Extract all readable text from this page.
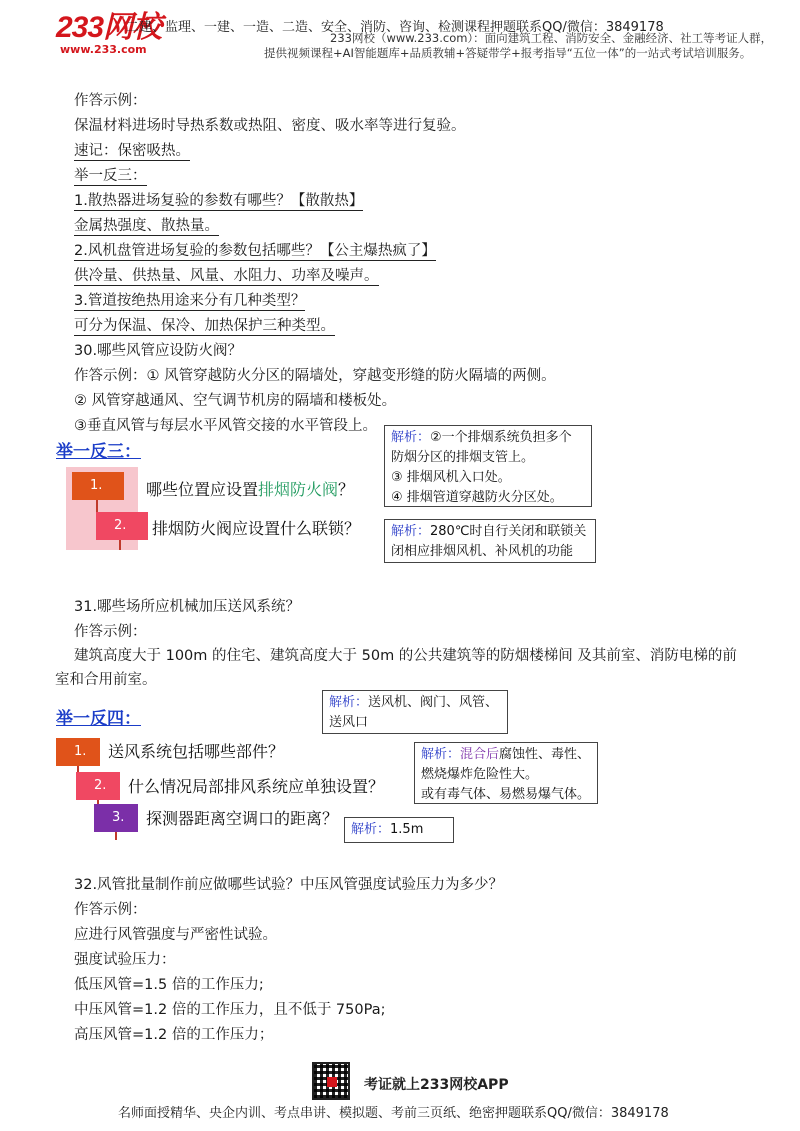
233网校
www.233.com
二建、监理、一建、一造、二造、安全、消防、咨询、检测课程押题联系QQ/微信：3849178
233网校（www.233.com）：面向建筑工程、消防安全、金融经济、社工等考证人群，
提供视频课程+AI智能题库+品质教辅+答疑带学+报考指导“五位一体”的一站式考试培训服务。
作答示例：
保温材料进场时导热系数或热阻、密度、吸水率等进行复验。
速记：保密吸热。
举一反三：
1.散热器进场复验的参数有哪些？【散散热】
金属热强度、散热量。
2.风机盘管进场复验的参数包括哪些？【公主爆热疯了】
供冷量、供热量、风量、水阻力、功率及噪声。
3.管道按绝热用途来分有几种类型？
可分为保温、保冷、加热保护三种类型。
30.哪些风管应设防火阀？
作答示例：① 风管穿越防火分区的隔墙处，穿越变形缝的防火隔墙的两侧。
② 风管穿越通风、空气调节机房的隔墙和楼板处。
③垂直风管与每层水平风管交接的水平管段上。
举一反三：
1.
2.
哪些位置应设置排烟防火阀？
排烟防火阀应设置什么联锁？
解析：②一个排烟系统负担多个
防烟分区的排烟支管上。
③ 排烟风机入口处。
④ 排烟管道穿越防火分区处。
解析：280℃时自行关闭和联锁关
闭相应排烟风机、补风机的功能
31.哪些场所应机械加压送风系统？
作答示例：
建筑高度大于 100m 的住宅、建筑高度大于 50m 的公共建筑等的防烟楼梯间 及其前室、消防电梯的前室和合用前室。
举一反四：
1.
2.
3.
送风系统包括哪些部件？
什么情况局部排风系统应单独设置？
探测器距离空调口的距离？
解析：送风机、阀门、风管、
送风口
解析：混合后腐蚀性、毒性、
燃烧爆炸危险性大。
或有毒气体、易燃易爆气体。
解析：1.5m
32.风管批量制作前应做哪些试验？中压风管强度试验压力为多少？
作答示例：
应进行风管强度与严密性试验。
强度试验压力：
低压风管=1.5 倍的工作压力;
中压风管=1.2 倍的工作压力，且不低于 750Pa;
高压风管=1.2 倍的工作压力；
考证就上233网校APP
名师面授精华、央企内训、考点串讲、模拟题、考前三页纸、绝密押题联系QQ/微信：3849178
